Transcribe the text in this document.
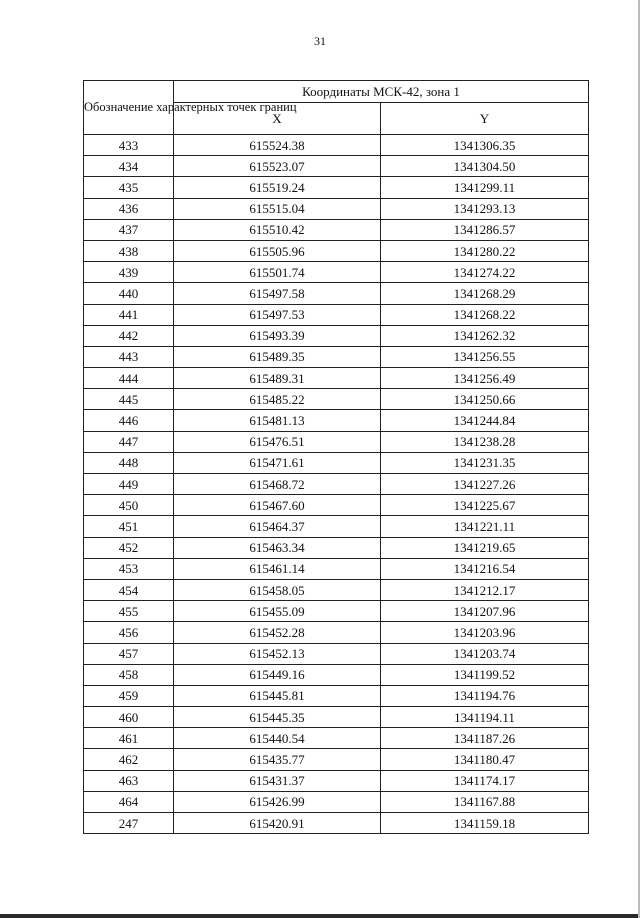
31
Обозначение характерных точек границ	Координаты МСК-42, зона 1	
	X	Y
433	615524.38	1341306.35
434	615523.07	1341304.50
435	615519.24	1341299.11
436	615515.04	1341293.13
437	615510.42	1341286.57
438	615505.96	1341280.22
439	615501.74	1341274.22
440	615497.58	1341268.29
441	615497.53	1341268.22
442	615493.39	1341262.32
443	615489.35	1341256.55
444	615489.31	1341256.49
445	615485.22	1341250.66
446	615481.13	1341244.84
447	615476.51	1341238.28
448	615471.61	1341231.35
449	615468.72	1341227.26
450	615467.60	1341225.67
451	615464.37	1341221.11
452	615463.34	1341219.65
453	615461.14	1341216.54
454	615458.05	1341212.17
455	615455.09	1341207.96
456	615452.28	1341203.96
457	615452.13	1341203.74
458	615449.16	1341199.52
459	615445.81	1341194.76
460	615445.35	1341194.11
461	615440.54	1341187.26
462	615435.77	1341180.47
463	615431.37	1341174.17
464	615426.99	1341167.88
247	615420.91	1341159.18
